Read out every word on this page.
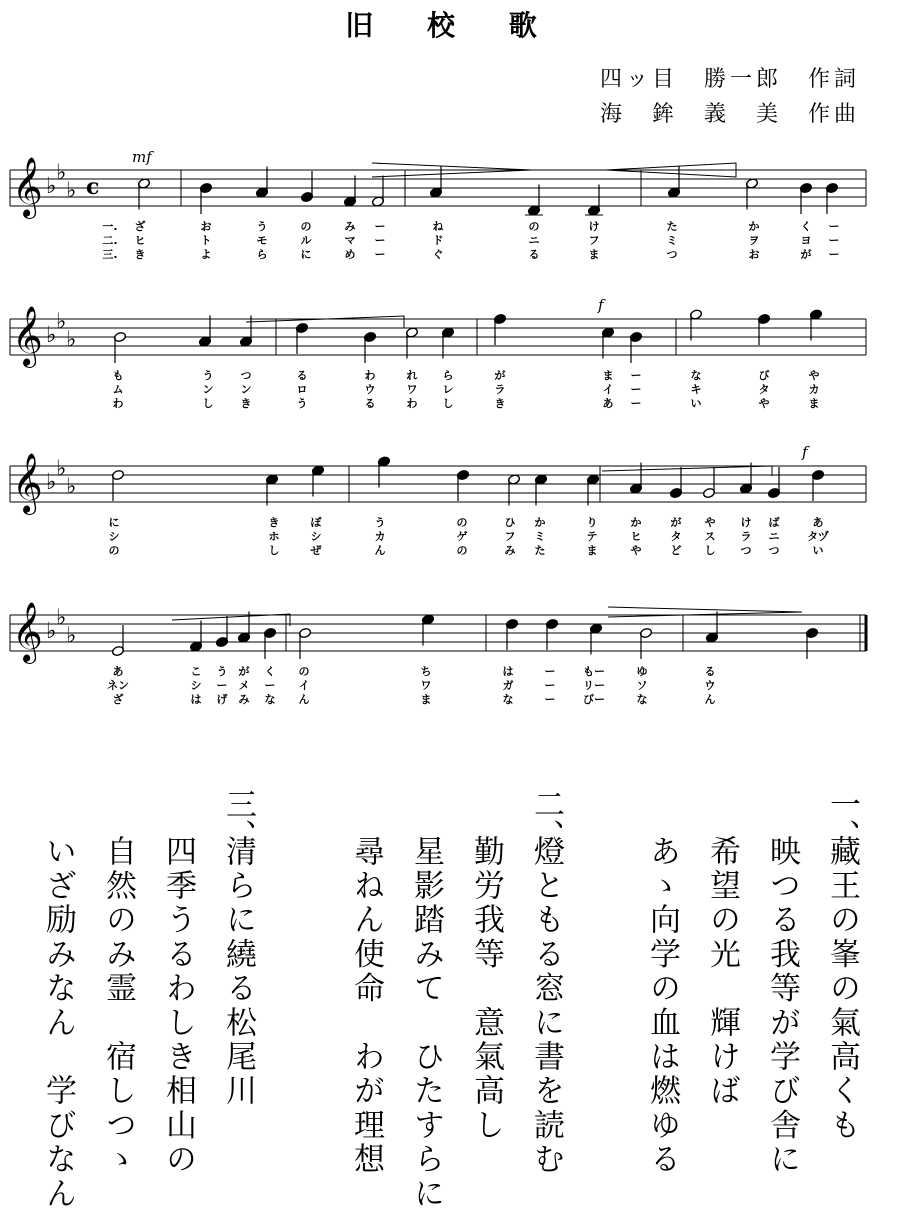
旧 校 歌
四ッ目　勝一郎　作詞
海　鉾　義　美　作曲
𝄞 ♭
♭
♭ c
𝄞 ♭
♭
♭
𝄞 ♭
♭
♭
𝄞 ♭
♭
♭
mf
f
f
一. ざ	お	う	の	み ー	ね	の	け	た	か	く ー
二. ヒ	ト	モ	ル	マ ー	ド	ニ	フ	ミ	ヲ	ヨ ー
三. き	よ	ら	に	め ー	ぐ	る	ま	つ	お	が ー
も	う つ	る	わ	れ ら	が	ま ー	な	び	や
ム	ン ン	ロ	ウ	ワ レ	ラ	イ ー	キ	タ	カ
わ	し き	う	る	わ し	き	あ ー	い	や	ま
に	き	ぼ	う	の	ひ か	り	か	が や け ば	あ
シ	ホ	シ	カ	ゲ	フ ミ	テ	ヒ	タ ス ラ ニ	タヅ
の	し	ぜ	ん	の	み た	ま	や	ど し つ つ	い
あ	こ う が く の	ち	は	ー	もー	ゆ	る
ネン	シ ー メ ー イ	ワ	ガ	ー	リー	ソ	ウ
ざ	は げ み な ん	ま	な	ー	びー	な	ん
一、
藏王の峯の氣高くも
映つる我等が学び舎に
希望の光　輝けば
あゝ向学の血は燃ゆる
二、
燈ともる窓に書を読む
勤労我等　意氣高し
星影踏みて　ひたすらに
尋ねん使命　わが理想
三、
清らに繞る松尾川
四季うるわしき相山の
自然のみ霊　宿しつゝ
いざ励みなん　学びなん
